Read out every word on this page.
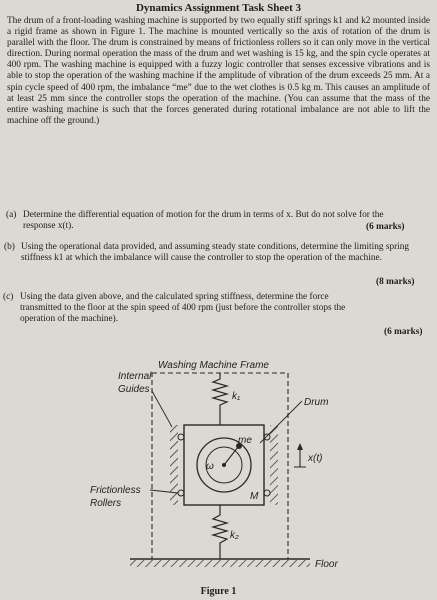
Dynamics Assignment Task Sheet 3
The drum of a front-loading washing machine is supported by two equally stiff springs k1 and k2 mounted inside a rigid frame as shown in Figure 1. The machine is mounted vertically so the axis of rotation of the drum is parallel with the floor. The drum is constrained by means of frictionless rollers so it can only move in the vertical direction. During normal operation the mass of the drum and wet washing is 15 kg, and the spin cycle operates at 400 rpm. The washing machine is equipped with a fuzzy logic controller that senses excessive vibrations and is able to stop the operation of the washing machine if the amplitude of vibration of the drum exceeds 25 mm. At a spin cycle speed of 400 rpm, the imbalance “me” due to the wet clothes is 0.5 kg m. This causes an amplitude of at least 25 mm since the controller stops the operation of the machine. (You can assume that the mass of the entire washing machine is such that the forces generated during rotational imbalance are not able to lift the machine off the ground.)
(a) Determine the differential equation of motion for the drum in terms of x. But do not solve for the response x(t).	(6 marks)
(b) Using the operational data provided, and assuming steady state conditions, determine the limiting spring stiffness k1 at which the imbalance will cause the controller to stop the operation of the machine.
(8 marks)
(c) Using the data given above, and the calculated spring stiffness, determine the force transmitted to the floor at the spin speed of 400 rpm (just before the controller stops the operation of the machine).
(6 marks)
Washing Machine Frame
k₁
ω
me
M
k₂
Floor
x(t)
Internal
Guides
Drum
Frictionless
Rollers
Figure 1
